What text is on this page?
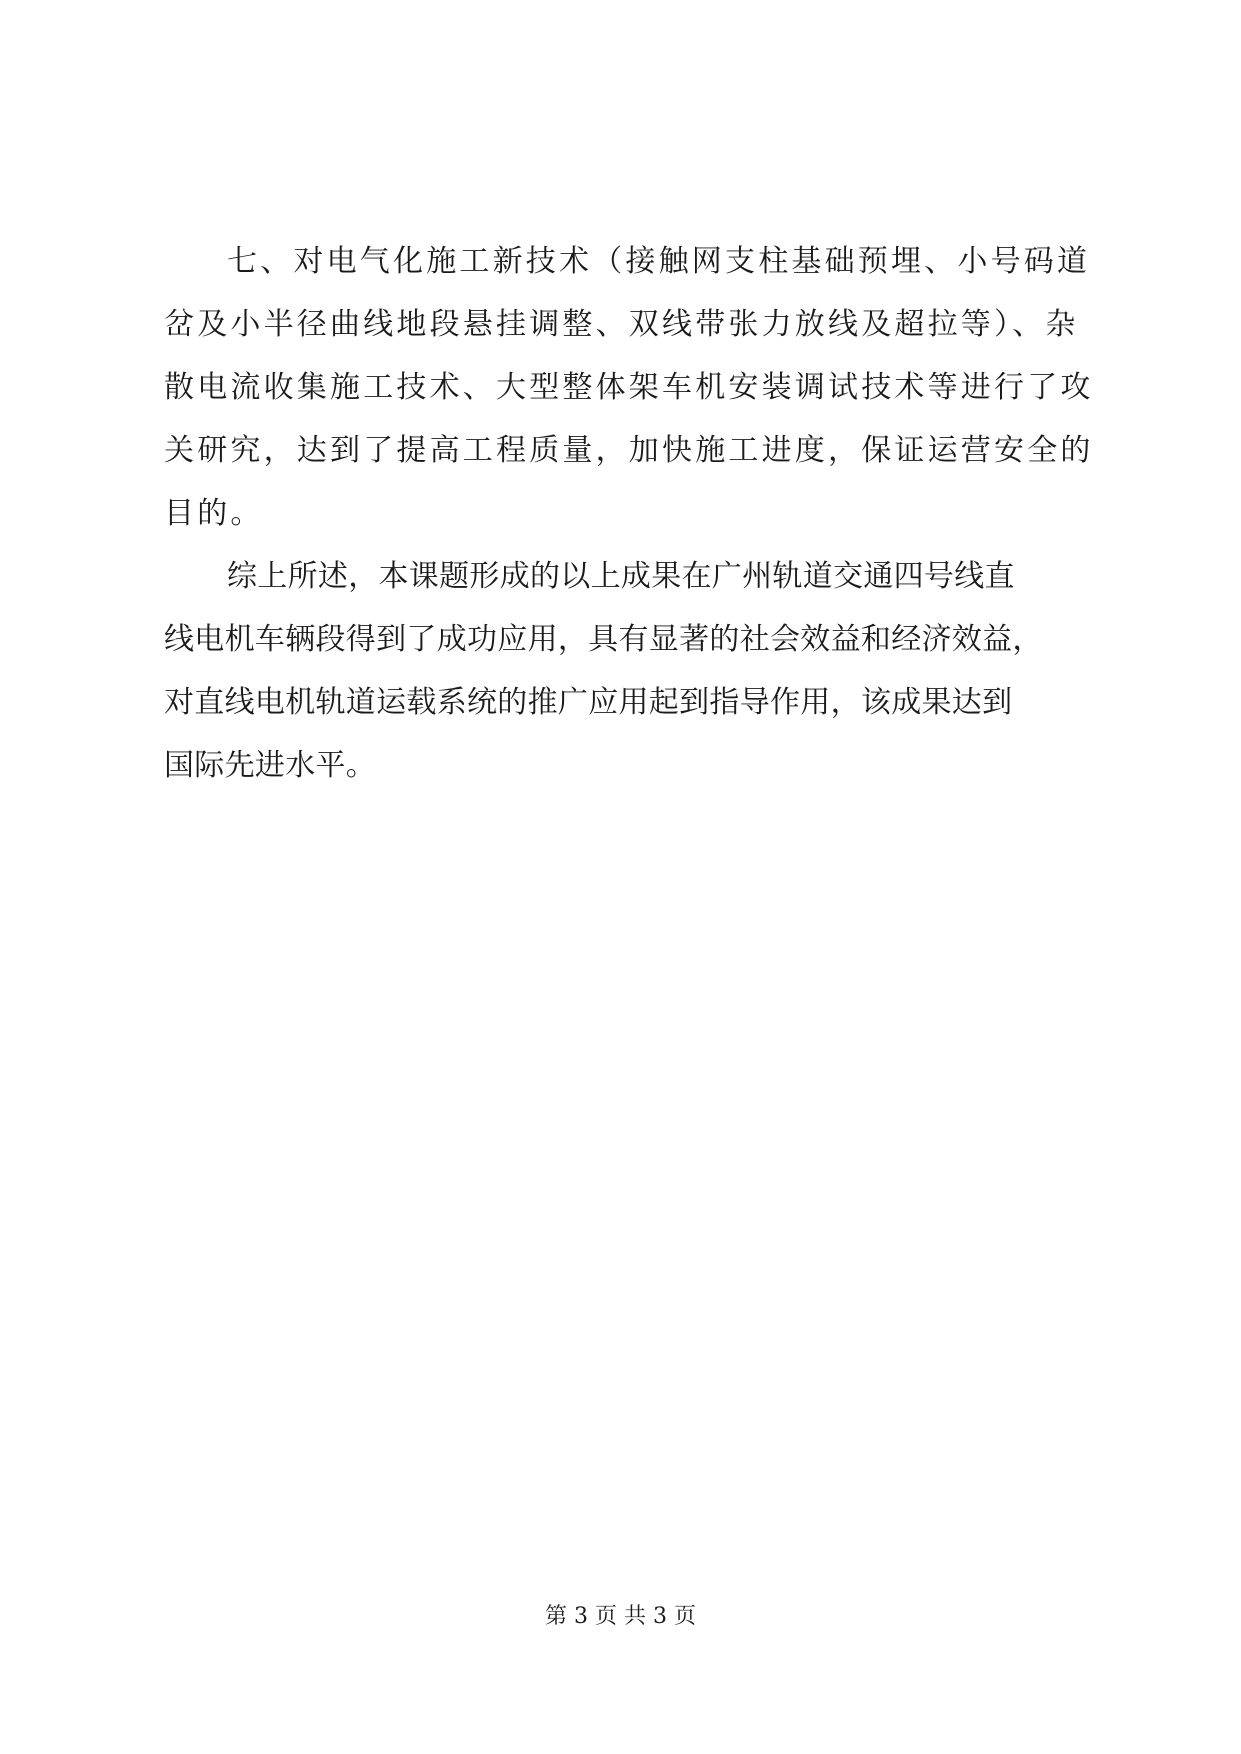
七、对电气化施工新技术（接触网支柱基础预埋、小号码道
岔及小半径曲线地段悬挂调整、双线带张力放线及超拉等）、杂
散电流收集施工技术、大型整体架车机安装调试技术等进行了攻
关研究，达到了提高工程质量，加快施工进度，保证运营安全的
目的。
综上所述，本课题形成的以上成果在广州轨道交通四号线直
线电机车辆段得到了成功应用，具有显著的社会效益和经济效益，
对直线电机轨道运载系统的推广应用起到指导作用，该成果达到
国际先进水平。
第 3 页 共 3 页
